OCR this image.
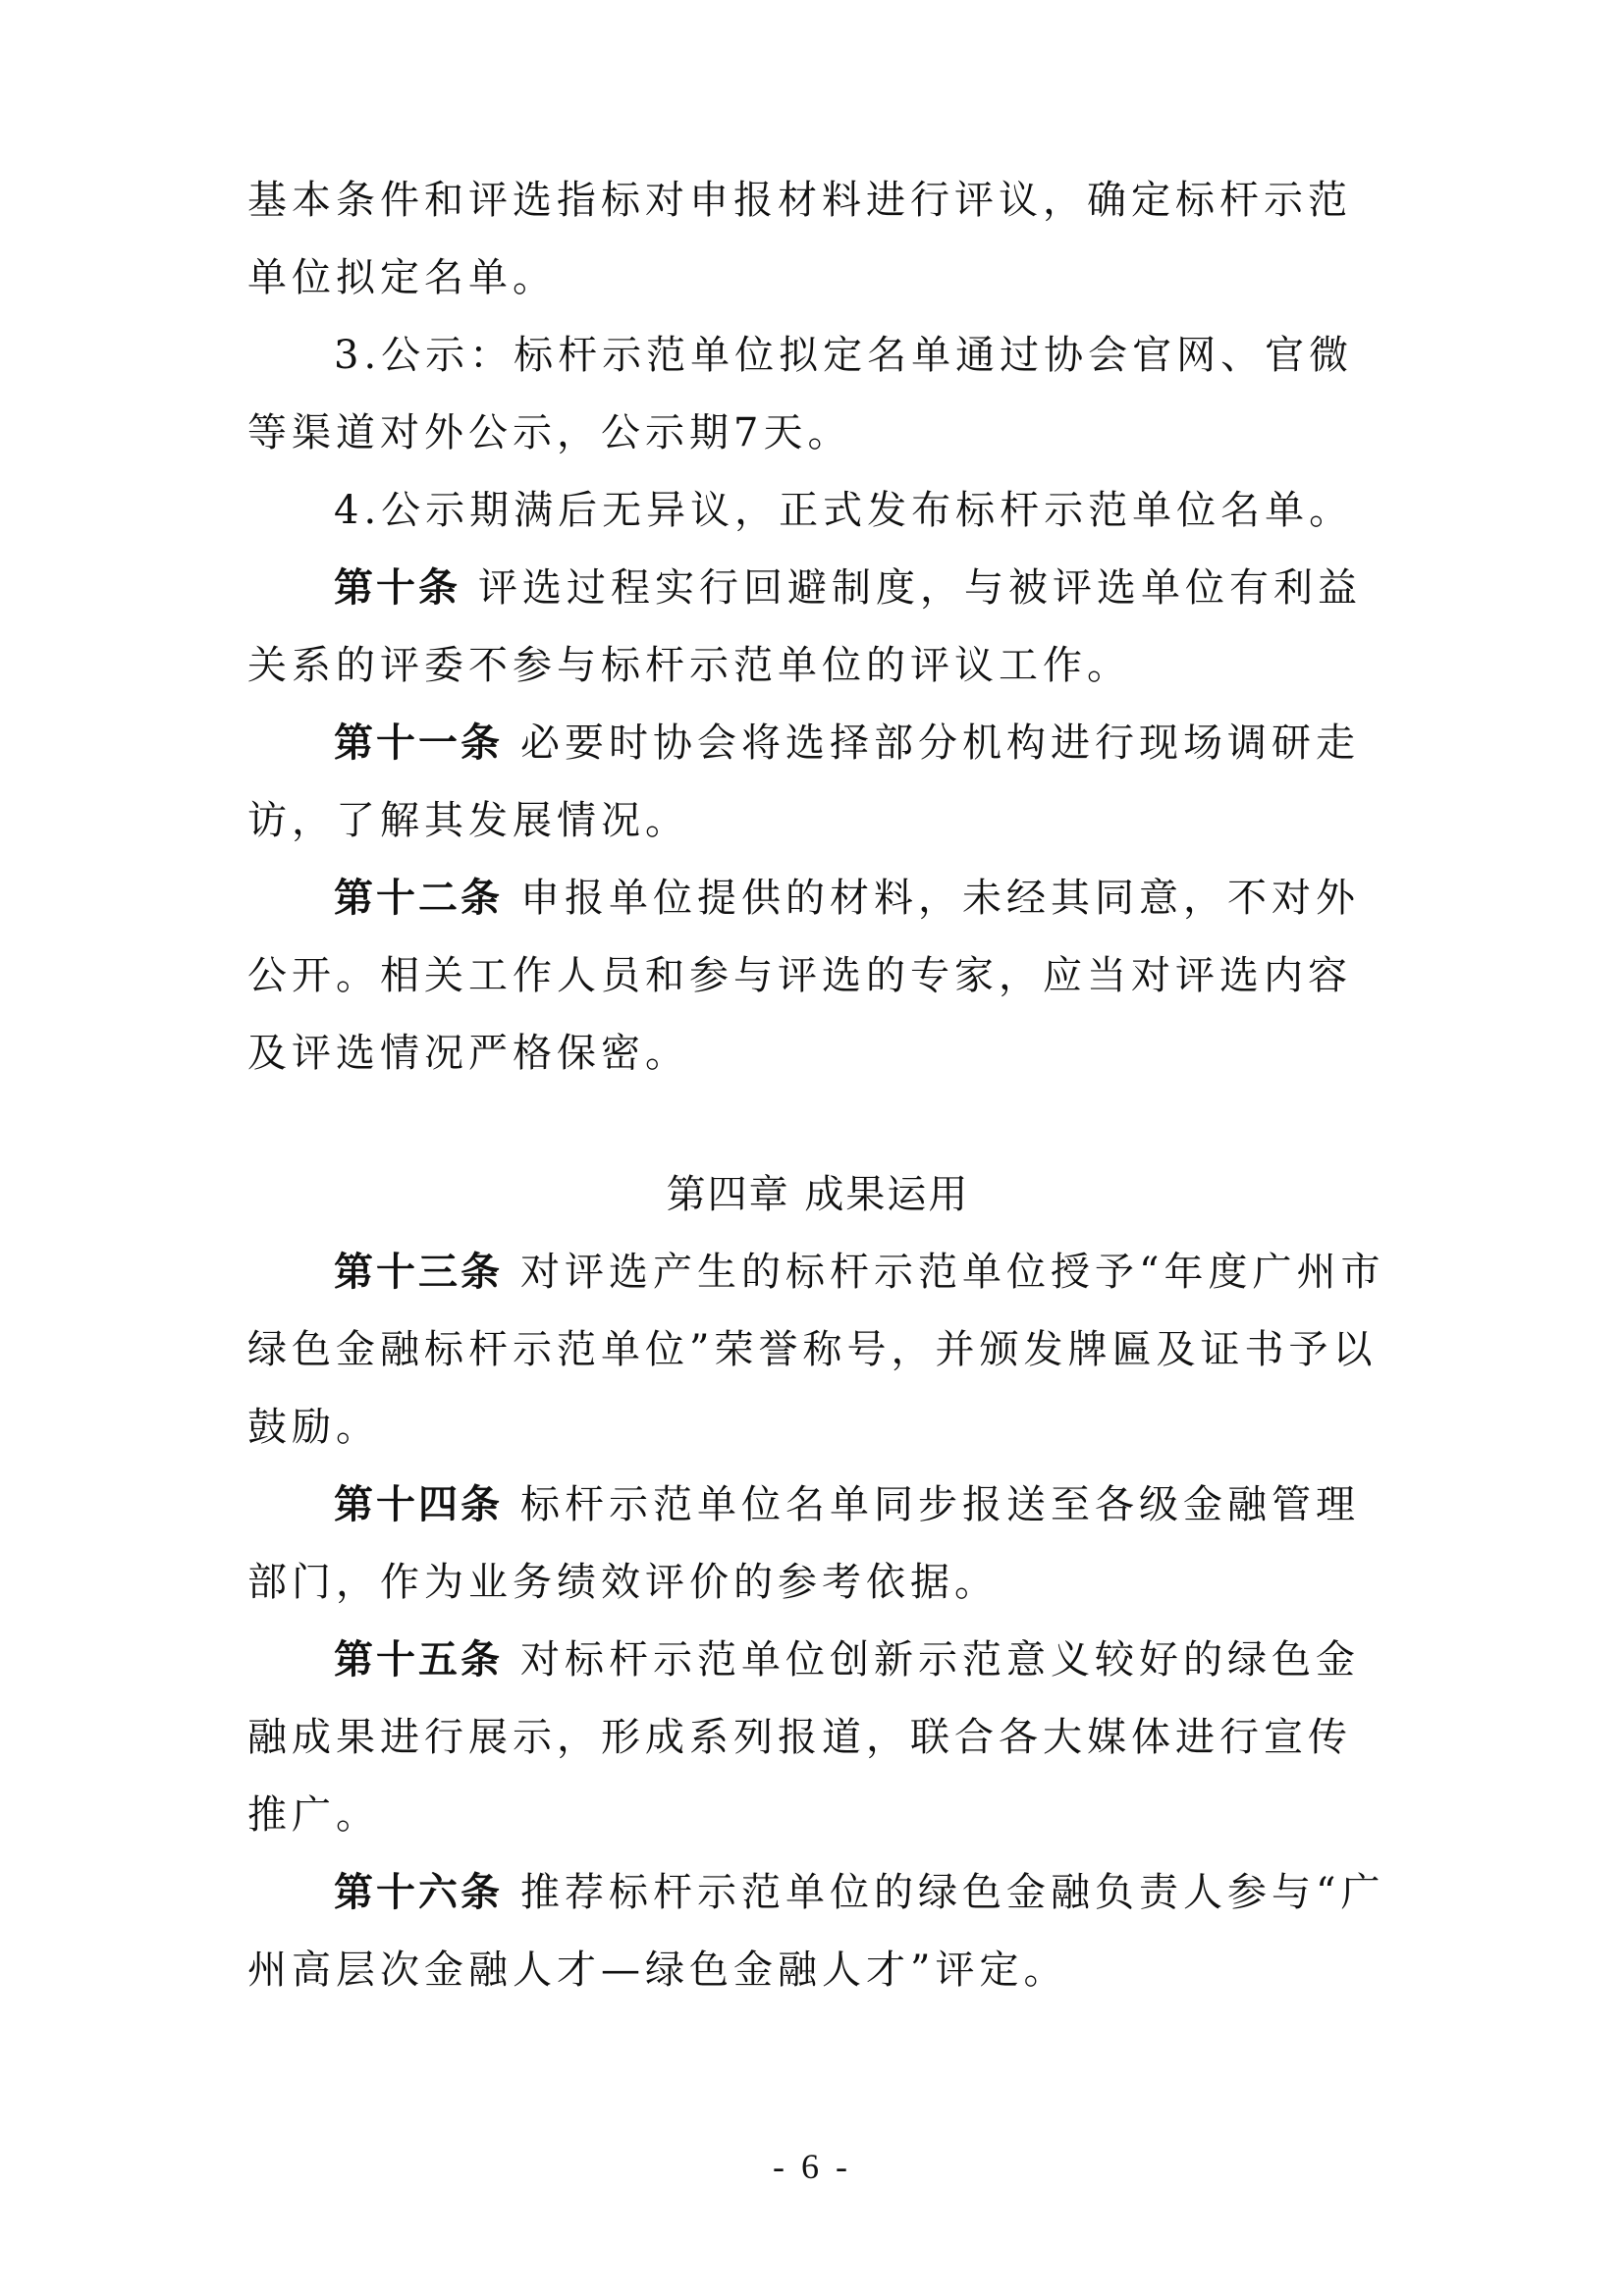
基本条件和评选指标对申报材料进行评议，确定标杆示范单位拟定名单。

3.公示：标杆示范单位拟定名单通过协会官网、官微等渠道对外公示，公示期7天。

4.公示期满后无异议，正式发布标杆示范单位名单。

第十条 评选过程实行回避制度，与被评选单位有利益关系的评委不参与标杆示范单位的评议工作。

第十一条 必要时协会将选择部分机构进行现场调研走访，了解其发展情况。

第十二条 申报单位提供的材料，未经其同意，不对外公开。相关工作人员和参与评选的专家，应当对评选内容及评选情况严格保密。

第四章 成果运用

第十三条 对评选产生的标杆示范单位授予“年度广州市绿色金融标杆示范单位”荣誉称号，并颁发牌匾及证书予以鼓励。

第十四条 标杆示范单位名单同步报送至各级金融管理部门，作为业务绩效评价的参考依据。

第十五条 对标杆示范单位创新示范意义较好的绿色金融成果进行展示，形成系列报道，联合各大媒体进行宣传推广。

第十六条 推荐标杆示范单位的绿色金融负责人参与“广州高层次金融人才—绿色金融人才”评定。

- 6 -
